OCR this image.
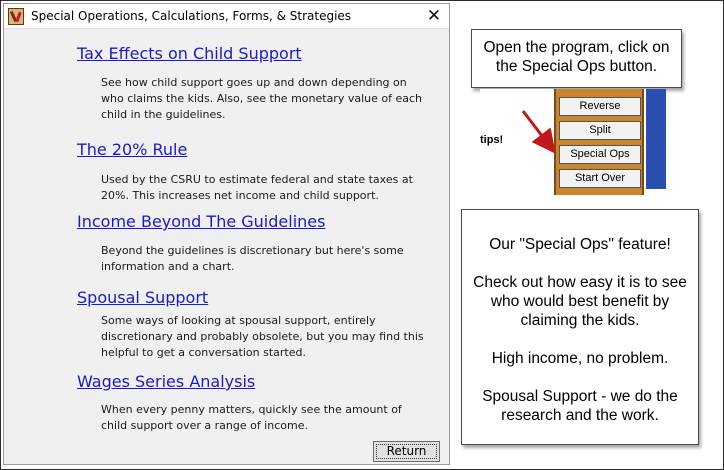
Special Operations, Calculations, Forms, & Strategies	✕
Tax Effects on Child Support
See how child support goes up and down depending on who claims the kids. Also, see the monetary value of each child in the guidelines.
The 20% Rule
Used by the CSRU to estimate federal and state taxes at 20%. This increases net income and child support.
Income Beyond The Guidelines
Beyond the guidelines is discretionary but here's some information and a chart.
Spousal Support
Some ways of looking at spousal support, entirely discretionary and probably obsolete, but you may find this helpful to get a conversation started.
Wages Series Analysis
When every penny matters, quickly see the amount of child support over a range of income.
Return
Open the program, click on the Special Ops button.
tips!
Reverse
Split
Special Ops
Start Over

Our "Special Ops" feature!

Check out how easy it is to see who would best benefit by claiming the kids.

High income, no problem.

Spousal Support - we do the research and the work.
